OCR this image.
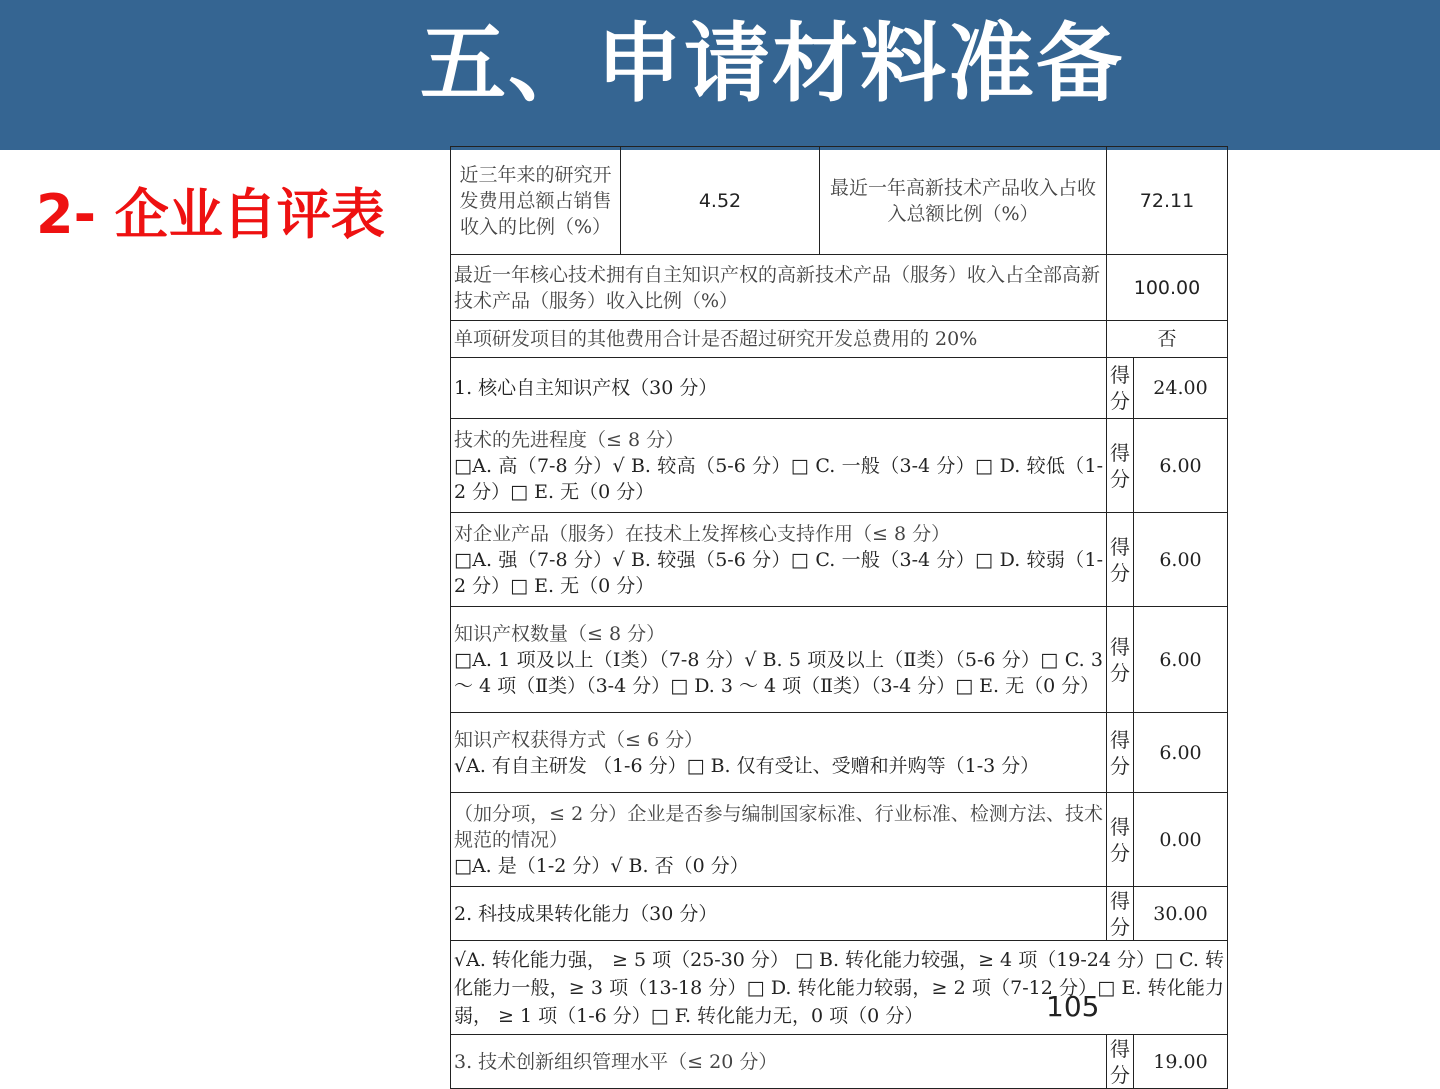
五、申请材料准备
2- 企业自评表
近三年来的研究开发费用总额占销售收入的比例（%）	4.52	最近一年高新技术产品收入占收入总额比例（%）	72.11	
最近一年核心技术拥有自主知识产权的高新技术产品（服务）收入占全部高新技术产品（服务）收入比例（%）			100.00	
单项研发项目的其他费用合计是否超过研究开发总费用的 20%			否	
1. 核心自主知识产权（30 分）			得分	24.00

技术的先进程度（≤ 8 分）
□A. 高（7-8 分）√ B. 较高（5-6 分）□ C. 一般（3-4 分）□ D. 较低（1-2 分）□ E. 无（0 分）			得分	6.00

对企业产品（服务）在技术上发挥核心支持作用（≤ 8 分）
□A. 强（7-8 分）√ B. 较强（5-6 分）□ C. 一般（3-4 分）□ D. 较弱（1-2 分）□ E. 无（0 分）			得分	6.00

知识产权数量（≤ 8 分）
□A. 1 项及以上（Ⅰ类）（7-8 分）√ B. 5 项及以上（Ⅱ类）（5-6 分）□ C. 3 ～ 4 项（Ⅱ类）（3-4 分）□ D. 3 ～ 4 项（Ⅱ类）（3-4 分）□ E. 无（0 分）			得分	6.00

知识产权获得方式（≤ 6 分）
√A. 有自主研发 （1-6 分）□ B. 仅有受让、受赠和并购等（1-3 分）			得分	6.00

（加分项，≤ 2 分）企业是否参与编制国家标准、行业标准、检测方法、技术规范的情况）
□A. 是（1-2 分）√ B. 否（0 分）			得分	0.00
2. 科技成果转化能力（30 分）			得分	30.00
√A. 转化能力强， ≥ 5 项（25-30 分） □ B. 转化能力较强，≥ 4 项（19-24 分）□ C. 转化能力一般，≥ 3 项（13-18 分）□ D. 转化能力较弱，≥ 2 项（7-12 分）□ E. 转化能力弱， ≥ 1 项（1-6 分）□ F. 转化能力无，0 项（0 分）				
3. 技术创新组织管理水平（≤ 20 分）			得分	19.00
105
